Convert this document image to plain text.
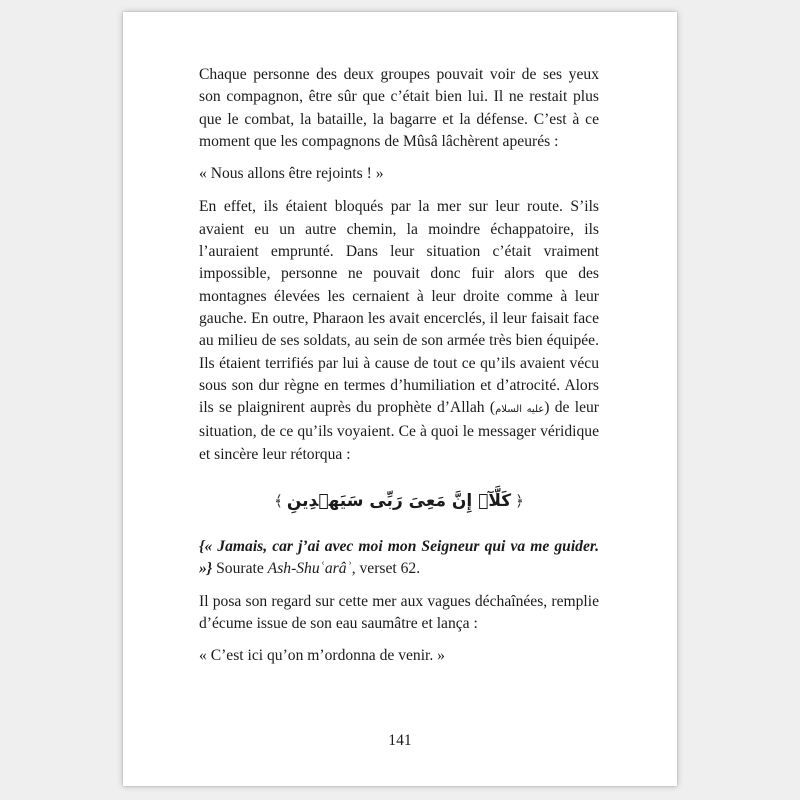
Chaque personne des deux groupes pouvait voir de ses yeux son compagnon, être sûr que c’était bien lui. Il ne restait plus que le combat, la bataille, la bagarre et la défense. C’est à ce moment que les compagnons de Mûsâ lâchèrent apeurés :

« Nous allons être rejoints ! »

En effet, ils étaient bloqués par la mer sur leur route. S’ils avaient eu un autre chemin, la moindre échappatoire, ils l’auraient emprunté. Dans leur situation c’était vraiment impossible, personne ne pouvait donc fuir alors que des montagnes élevées les cernaient à leur droite comme à leur gauche. En outre, Pharaon les avait encerclés, il leur faisait face au milieu de ses soldats, au sein de son armée très bien équipée. Ils étaient terrifiés par lui à cause de tout ce qu’ils avaient vécu sous son dur règne en termes d’humiliation et d’atrocité. Alors ils se plaignirent auprès du prophète d’Allah (عليه السلام) de leur situation, de ce qu’ils voyaient. Ce à quoi le messager véridique et sincère leur rétorqua :

﴿كَلَّآۖ إِنَّ مَعِىَ رَبِّى سَيَهۡدِينِ﴾

{« Jamais, car j’ai avec moi mon Seigneur qui va me guider. »} Sourate Ash-Shuʿarâʾ, verset 62.

Il posa son regard sur cette mer aux vagues déchaînées, remplie d’écume issue de son eau saumâtre et lança :

« C’est ici qu’on m’ordonna de venir. »

141
